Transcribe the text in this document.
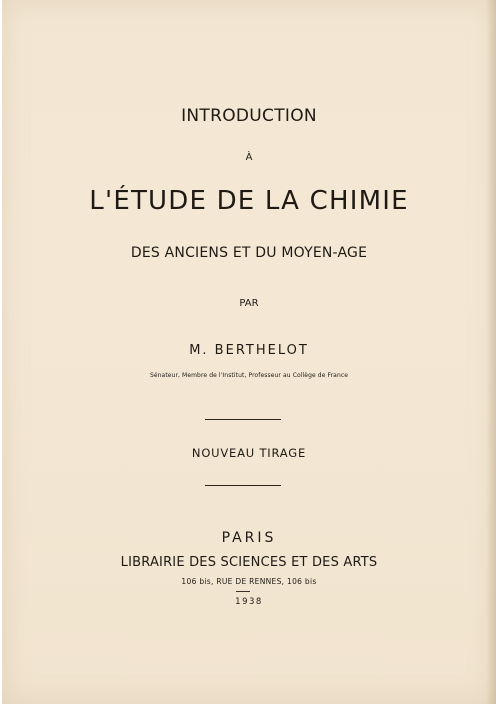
INTRODUCTION
À
L'ÉTUDE DE LA CHIMIE
DES ANCIENS ET DU MOYEN-AGE
PAR
M. BERTHELOT
Sénateur, Membre de l'Institut, Professeur au Collège de France
NOUVEAU TIRAGE
PARIS
LIBRAIRIE DES SCIENCES ET DES ARTS
106 bis, RUE DE RENNES, 106 bis
1938
